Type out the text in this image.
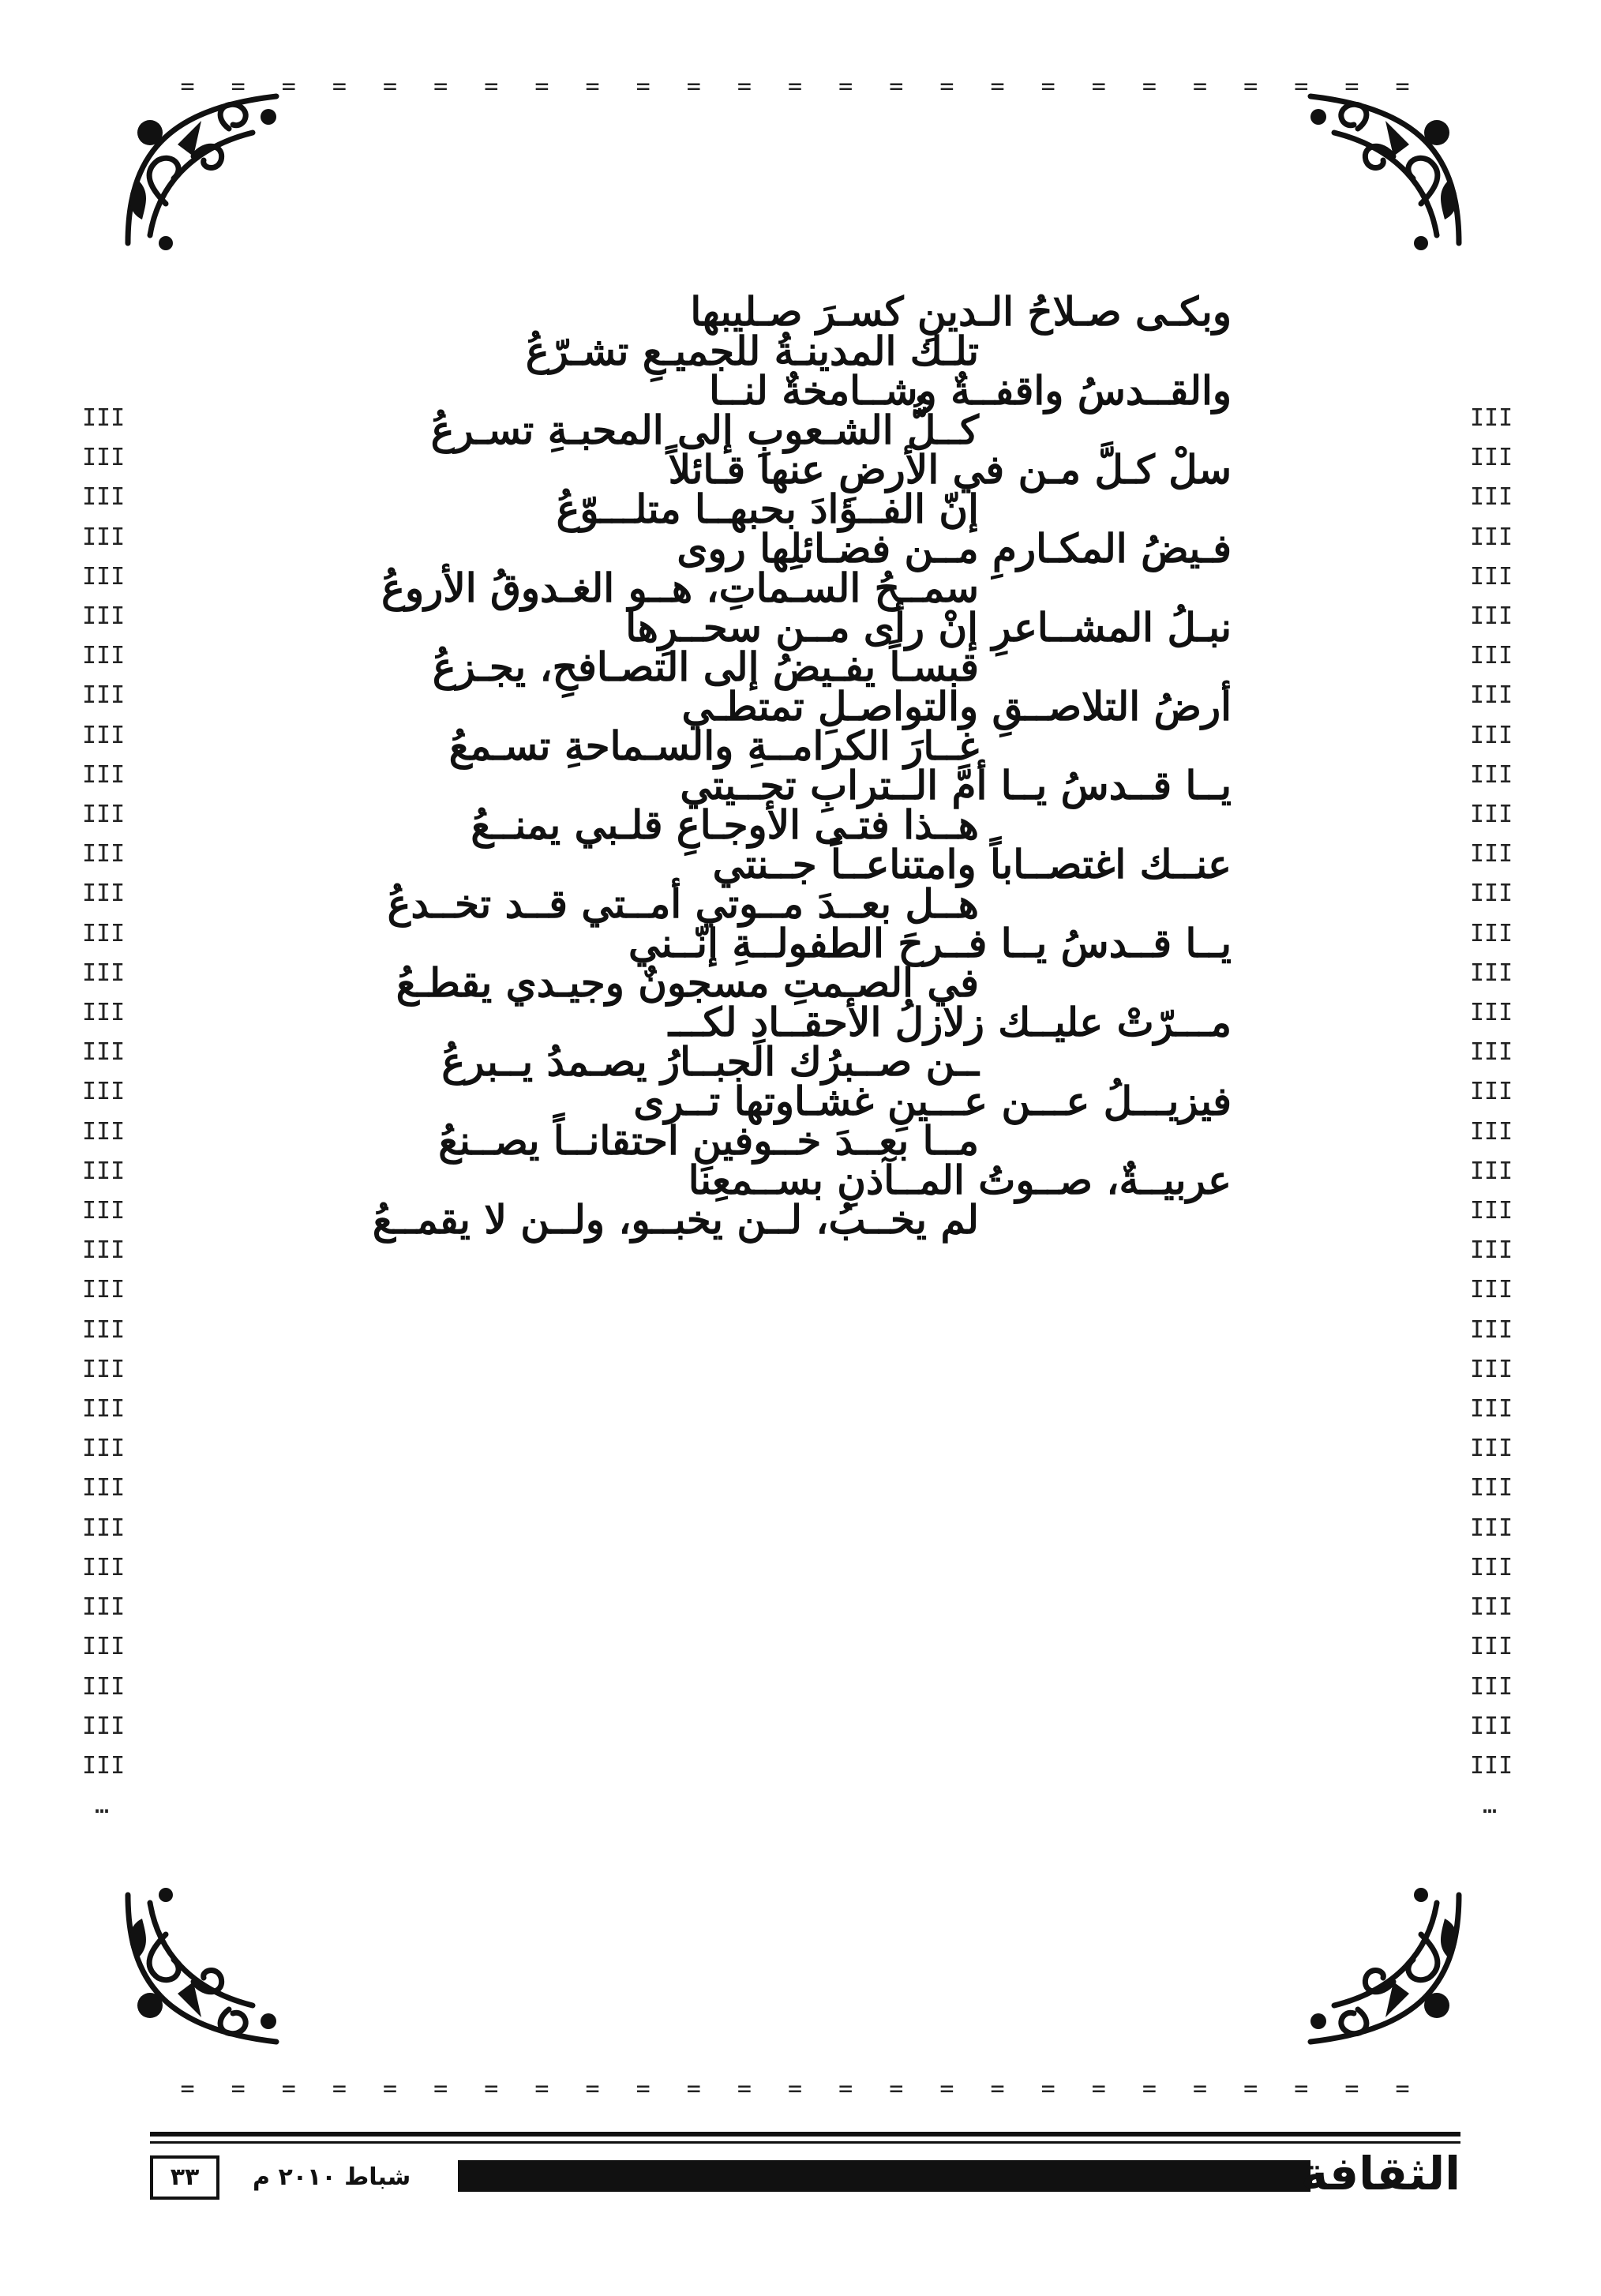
= = = = = = = = = = = = = = = = = = = = = = = = =
= = = = = = = = = = = = = = = = = = = = = = = = =
III
III
III
III
III
III
III
III
III
III
III
III
III
III
III
III
III
III
III
III
III
III
III
III
III
III
III
III
III
III
III
III
III
III
III
…
III
III
III
III
III
III
III
III
III
III
III
III
III
III
III
III
III
III
III
III
III
III
III
III
III
III
III
III
III
III
III
III
III
III
III
…
وبكـى صـلاحُ الـدينِ كسـرَ صـليبها
تلـك المدينـةُ للجميـعِ تشـرّعُ
والقــدسُ واقفــةٌ وشــامخةٌ لنــا
كــلُّ الشـعوبِ إلى المحبـةِ تسـرعُ
سلْ كـلَّ مـن في الأرضِ عنها قـائلاً
إنّ الفــؤادَ بحبهــا متلـــوّعُ
فـيضُ المكـارمِ مــن فضـائلِها روى
سمــحُ السـماتِ، هــو الغـدوقُ الأروعُ
نبـلُ المشــاعرِ إنْ رأى مــن سحــرِها
قبسـاً يفـيضُ إلى التصـافحِ، يجـزعُ
أرضُ التلاصــقِ والتواصـلِ تمتطـي
غــارَ الكرامــةِ والسـماحةِ تسـمعُ
يــا قــدسُ يــا أمَّ الــترابِ تحــيتي
هــذا فتـى الأوجـاعِ قلـبي يمنــعُ
عنــك اغتصــاباً وامتناعــاً جــنتي
هــل بعــدَ مــوتي أمــتي قــد تخــدعُ
يــا قــدسُ يــا فــرحَ الطفولــةِ إنّــني
في الصـمتِ مسجونٌ وجيـدي يقطـعُ
مـــرّتْ عليــك زلازلُ الأحقــادِ لكـــ
ــن صــبرُك الجبــارُ يصـمدُ يــبرعُ
فيزيـــلُ عـــن عـــينِ غشـاوتها تــرى
مــا بعــدَ خــوفينِ احتقانــاً يصــنعُ
عربيــةٌ، صــوتُ المــآذنِ بســمعِنا
لم يخــبُ، لــن يخبــو، ولــن لا يقمــعُ
٣٣	شباط ٢٠١٠ م	الثقافة
